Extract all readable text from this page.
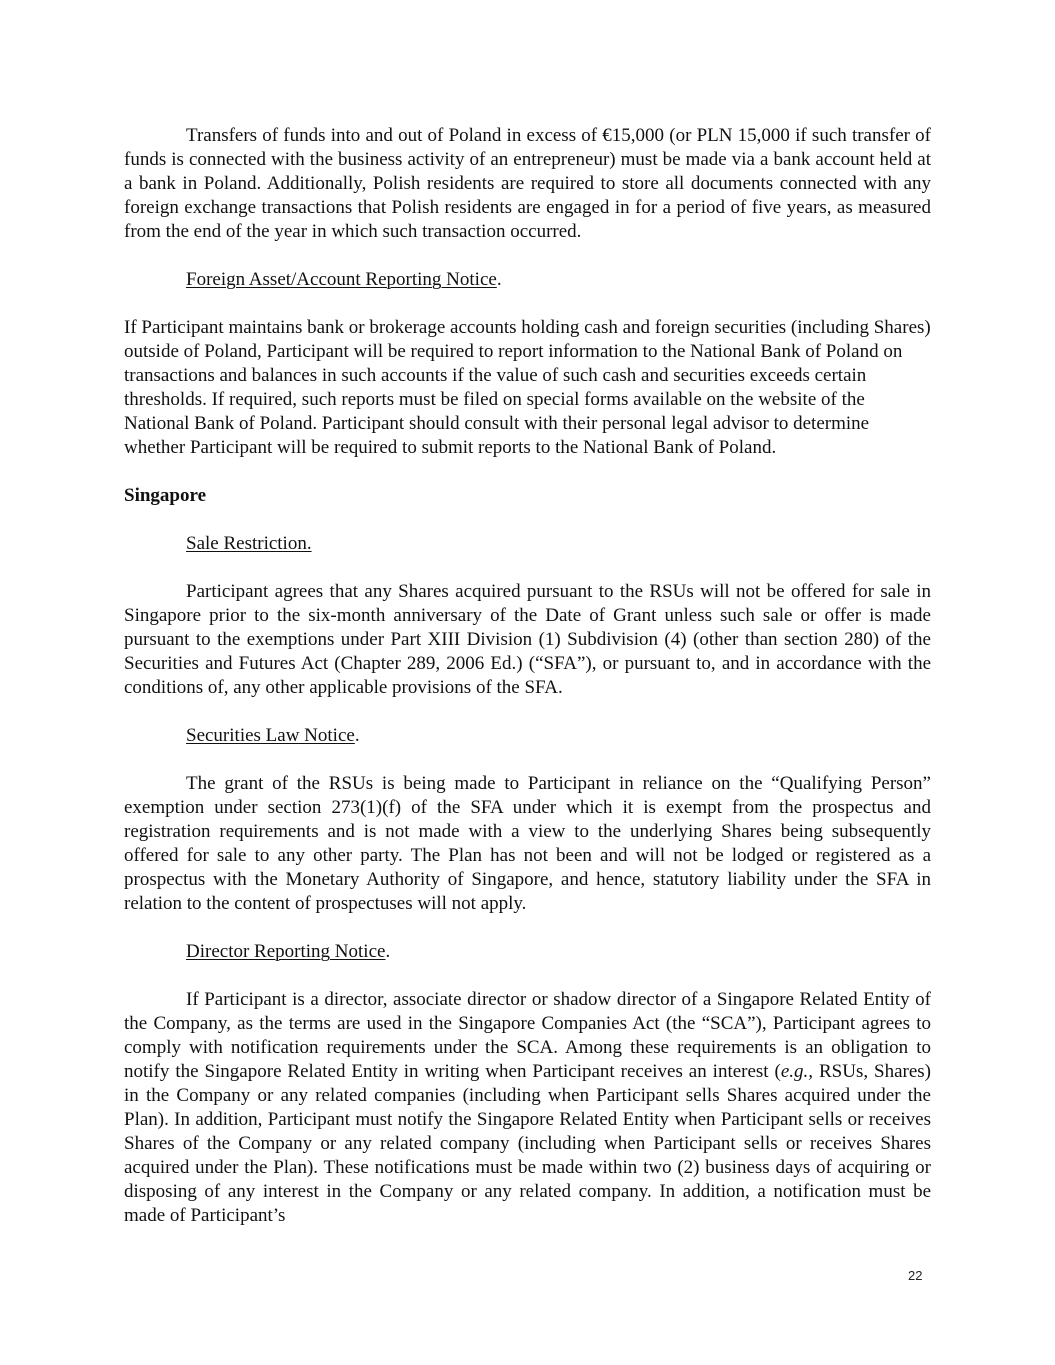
Transfers of funds into and out of Poland in excess of €15,000 (or PLN 15,000 if such transfer of funds is connected with the business activity of an entrepreneur) must be made via a bank account held at a bank in Poland. Additionally, Polish residents are required to store all documents connected with any foreign exchange transactions that Polish residents are engaged in for a period of five years, as measured from the end of the year in which such transaction occurred.

Foreign Asset/Account Reporting Notice.

If Participant maintains bank or brokerage accounts holding cash and foreign securities (including Shares) outside of Poland, Participant will be required to report information to the National Bank of Poland on transactions and balances in such accounts if the value of such cash and securities exceeds certain thresholds. If required, such reports must be filed on special forms available on the website of the National Bank of Poland. Participant should consult with their personal legal advisor to determine whether Participant will be required to submit reports to the National Bank of Poland.

Singapore

Sale Restriction.

Participant agrees that any Shares acquired pursuant to the RSUs will not be offered for sale in Singapore prior to the six-month anniversary of the Date of Grant unless such sale or offer is made pursuant to the exemptions under Part XIII Division (1) Subdivision (4) (other than section 280) of the Securities and Futures Act (Chapter 289, 2006 Ed.) (“SFA”), or pursuant to, and in accordance with the conditions of, any other applicable provisions of the SFA.

Securities Law Notice.

The grant of the RSUs is being made to Participant in reliance on the “Qualifying Person” exemption under section 273(1)(f) of the SFA under which it is exempt from the prospectus and registration requirements and is not made with a view to the underlying Shares being subsequently offered for sale to any other party. The Plan has not been and will not be lodged or registered as a prospectus with the Monetary Authority of Singapore, and hence, statutory liability under the SFA in relation to the content of prospectuses will not apply.

Director Reporting Notice.

If Participant is a director, associate director or shadow director of a Singapore Related Entity of the Company, as the terms are used in the Singapore Companies Act (the “SCA”), Participant agrees to comply with notification requirements under the SCA. Among these requirements is an obligation to notify the Singapore Related Entity in writing when Participant receives an interest (e.g., RSUs, Shares) in the Company or any related companies (including when Participant sells Shares acquired under the Plan). In addition, Participant must notify the Singapore Related Entity when Participant sells or receives Shares of the Company or any related company (including when Participant sells or receives Shares acquired under the Plan). These notifications must be made within two (2) business days of acquiring or disposing of any interest in the Company or any related company. In addition, a notification must be made of Participant’s

22
